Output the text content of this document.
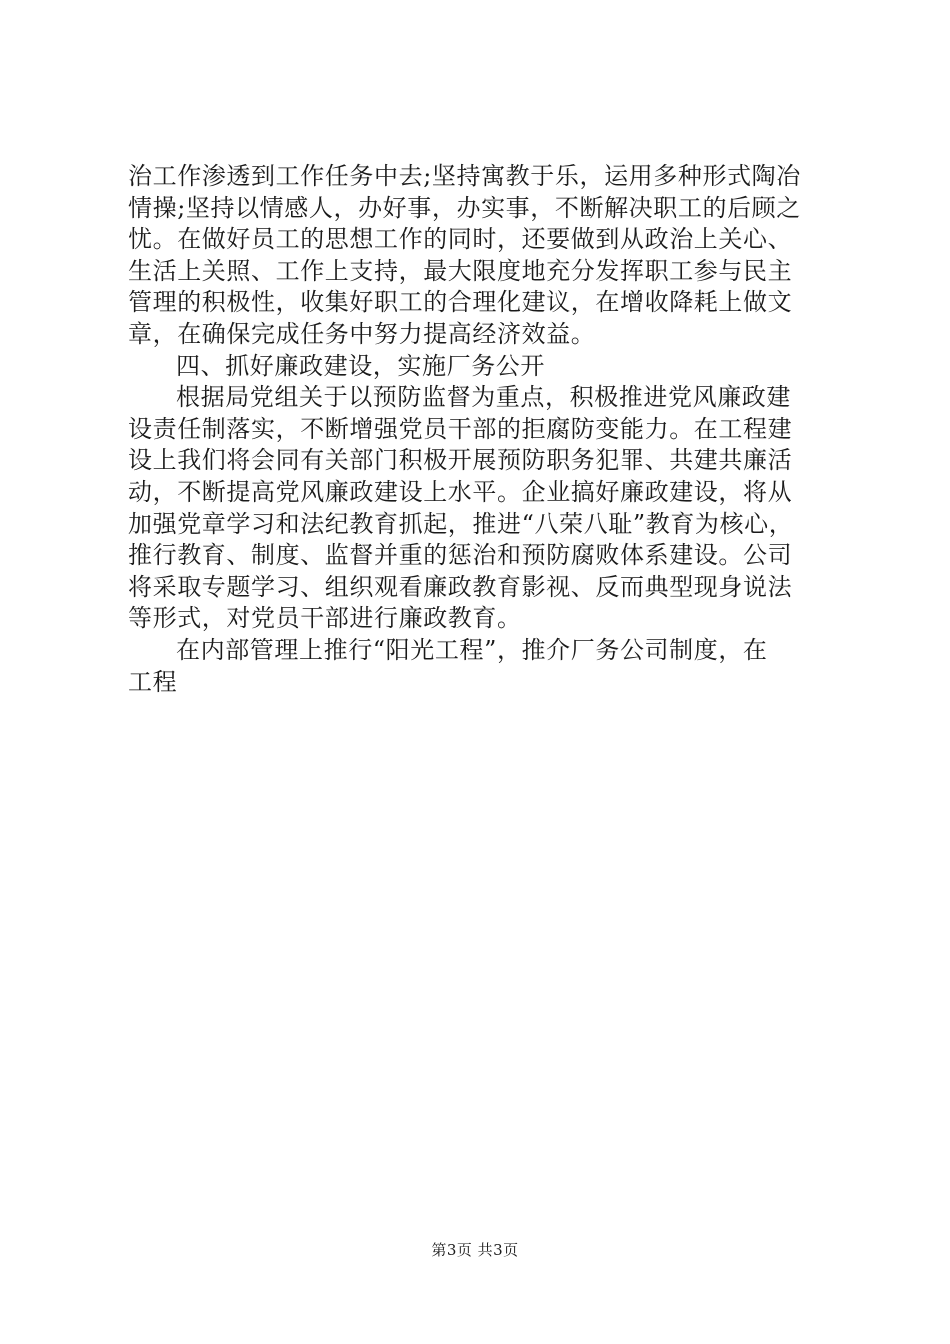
治工作渗透到工作任务中去;坚持寓教于乐，运用多种形式陶冶
情操;坚持以情感人，办好事，办实事，不断解决职工的后顾之
忧。在做好员工的思想工作的同时，还要做到从政治上关心、
生活上关照、工作上支持，最大限度地充分发挥职工参与民主
管理的积极性，收集好职工的合理化建议，在增收降耗上做文
章，在确保完成任务中努力提高经济效益。
四、抓好廉政建设，实施厂务公开
根据局党组关于以预防监督为重点，积极推进党风廉政建
设责任制落实，不断增强党员干部的拒腐防变能力。在工程建
设上我们将会同有关部门积极开展预防职务犯罪、共建共廉活
动，不断提高党风廉政建设上水平。企业搞好廉政建设，将从
加强党章学习和法纪教育抓起，推进“八荣八耻”教育为核心，
推行教育、制度、监督并重的惩治和预防腐败体系建设。公司
将采取专题学习、组织观看廉政教育影视、反而典型现身说法
等形式，对党员干部进行廉政教育。
在内部管理上推行“阳光工程”，推介厂务公司制度，在
工程
第3页 共3页
